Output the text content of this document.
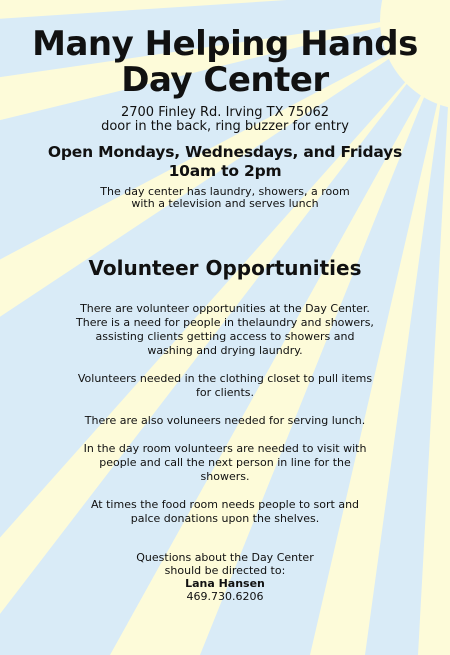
Many Helping Hands
Day Center
2700 Finley Rd. Irving TX 75062
door in the back, ring buzzer for entry
Open Mondays, Wednesdays, and Fridays
10am to 2pm
The day center has laundry, showers, a room
with a television and serves lunch
Volunteer Opportunities
There are volunteer opportunities at the Day Center. There is a need for people in thelaundry and showers, assisting clients getting access to showers and washing and drying laundry.
Volunteers needed in the clothing closet to pull items for clients.
There are also voluneers needed for serving lunch.
In the day room volunteers are needed to visit with people and call the next person in line for the showers.
At times the food room needs people to sort and palce donations upon the shelves.
Questions about the Day Center
should be directed to:
Lana Hansen
469.730.6206
